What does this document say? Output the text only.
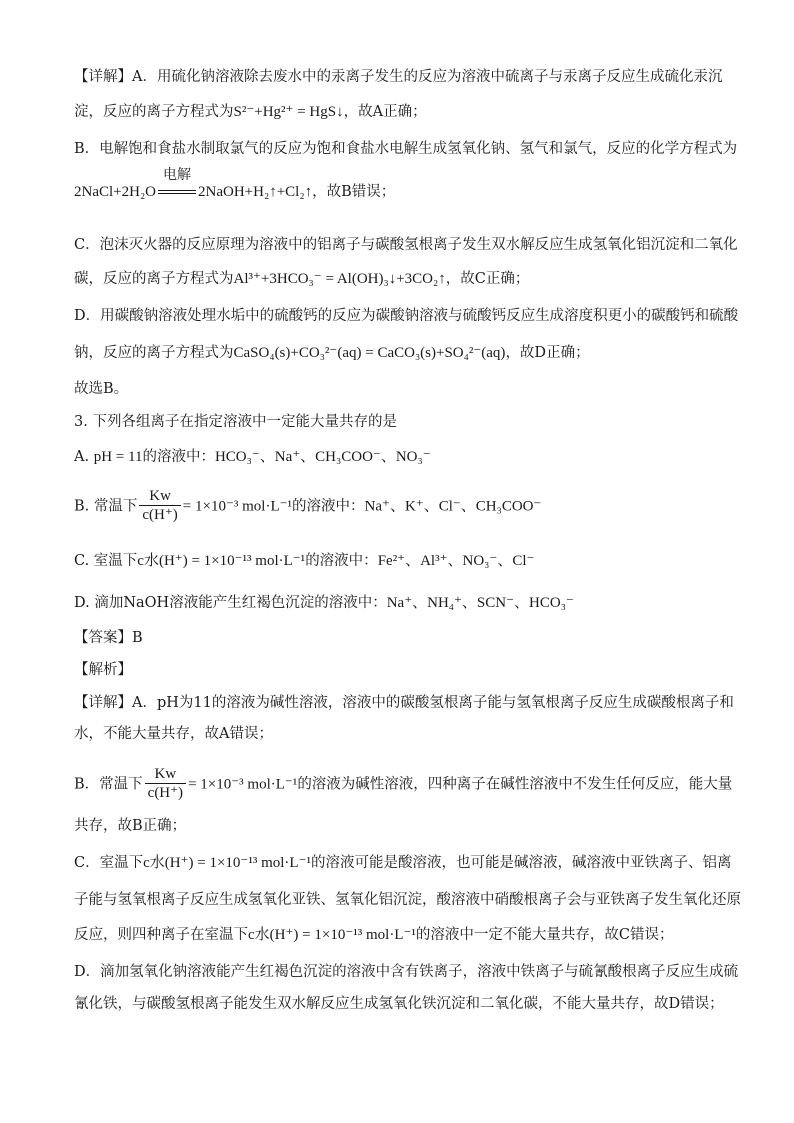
【详解】A．用硫化钠溶液除去废水中的汞离子发生的反应为溶液中硫离子与汞离子反应生成硫化汞沉
淀，反应的离子方程式为S²⁻+Hg²⁺ = HgS↓，故A正确；
B．电解饱和食盐水制取氯气的反应为饱和食盐水电解生成氢氧化钠、氢气和氯气，反应的化学方程式为
2NaCl+2H₂O
电解
2NaOH+H₂↑+Cl₂↑，故B错误；
C．泡沫灭火器的反应原理为溶液中的铝离子与碳酸氢根离子发生双水解反应生成氢氧化铝沉淀和二氧化
碳，反应的离子方程式为Al³⁺+3HCO₃⁻ = Al(OH)₃↓+3CO₂↑，故C正确；
D．用碳酸钠溶液处理水垢中的硫酸钙的反应为碳酸钠溶液与硫酸钙反应生成溶度积更小的碳酸钙和硫酸
钠，反应的离子方程式为CaSO₄(s)+CO₃²⁻(aq) = CaCO₃(s)+SO₄²⁻(aq)，故D正确；
故选B。
3. 下列各组离子在指定溶液中一定能大量共存的是
A. pH = 11的溶液中：HCO₃⁻、Na⁺、CH₃COO⁻、NO₃⁻
B. 常温下 $\frac{Kw}{c(H^+)} = 1\times 10^{-3}$ mol·L⁻¹的溶液中：Na⁺、K⁺、Cl⁻、CH₃COO⁻
C. 室温下c水(H⁺) = 1×10⁻¹³ mol·L⁻¹的溶液中：Fe²⁺、Al³⁺、NO₃⁻、Cl⁻
D. 滴加NaOH溶液能产生红褐色沉淀的溶液中：Na⁺、NH₄⁺、SCN⁻、HCO₃⁻
【答案】B
【解析】
【详解】A．pH为11的溶液为碱性溶液，溶液中的碳酸氢根离子能与氢氧根离子反应生成碳酸根离子和
水，不能大量共存，故A错误；
B．常温下 $\frac{Kw}{c(H^+)} = 1\times 10^{-3}$ mol·L⁻¹的溶液为碱性溶液，四种离子在碱性溶液中不发生任何反应，能大量
共存，故B正确；
C．室温下c水(H⁺) = 1×10⁻¹³ mol·L⁻¹的溶液可能是酸溶液，也可能是碱溶液，碱溶液中亚铁离子、铝离
子能与氢氧根离子反应生成氢氧化亚铁、氢氧化铝沉淀，酸溶液中硝酸根离子会与亚铁离子发生氧化还原
反应，则四种离子在室温下c水(H⁺) = 1×10⁻¹³ mol·L⁻¹的溶液中一定不能大量共存，故C错误；
D．滴加氢氧化钠溶液能产生红褐色沉淀的溶液中含有铁离子，溶液中铁离子与硫氰酸根离子反应生成硫
氰化铁，与碳酸氢根离子能发生双水解反应生成氢氧化铁沉淀和二氧化碳，不能大量共存，故D错误；
